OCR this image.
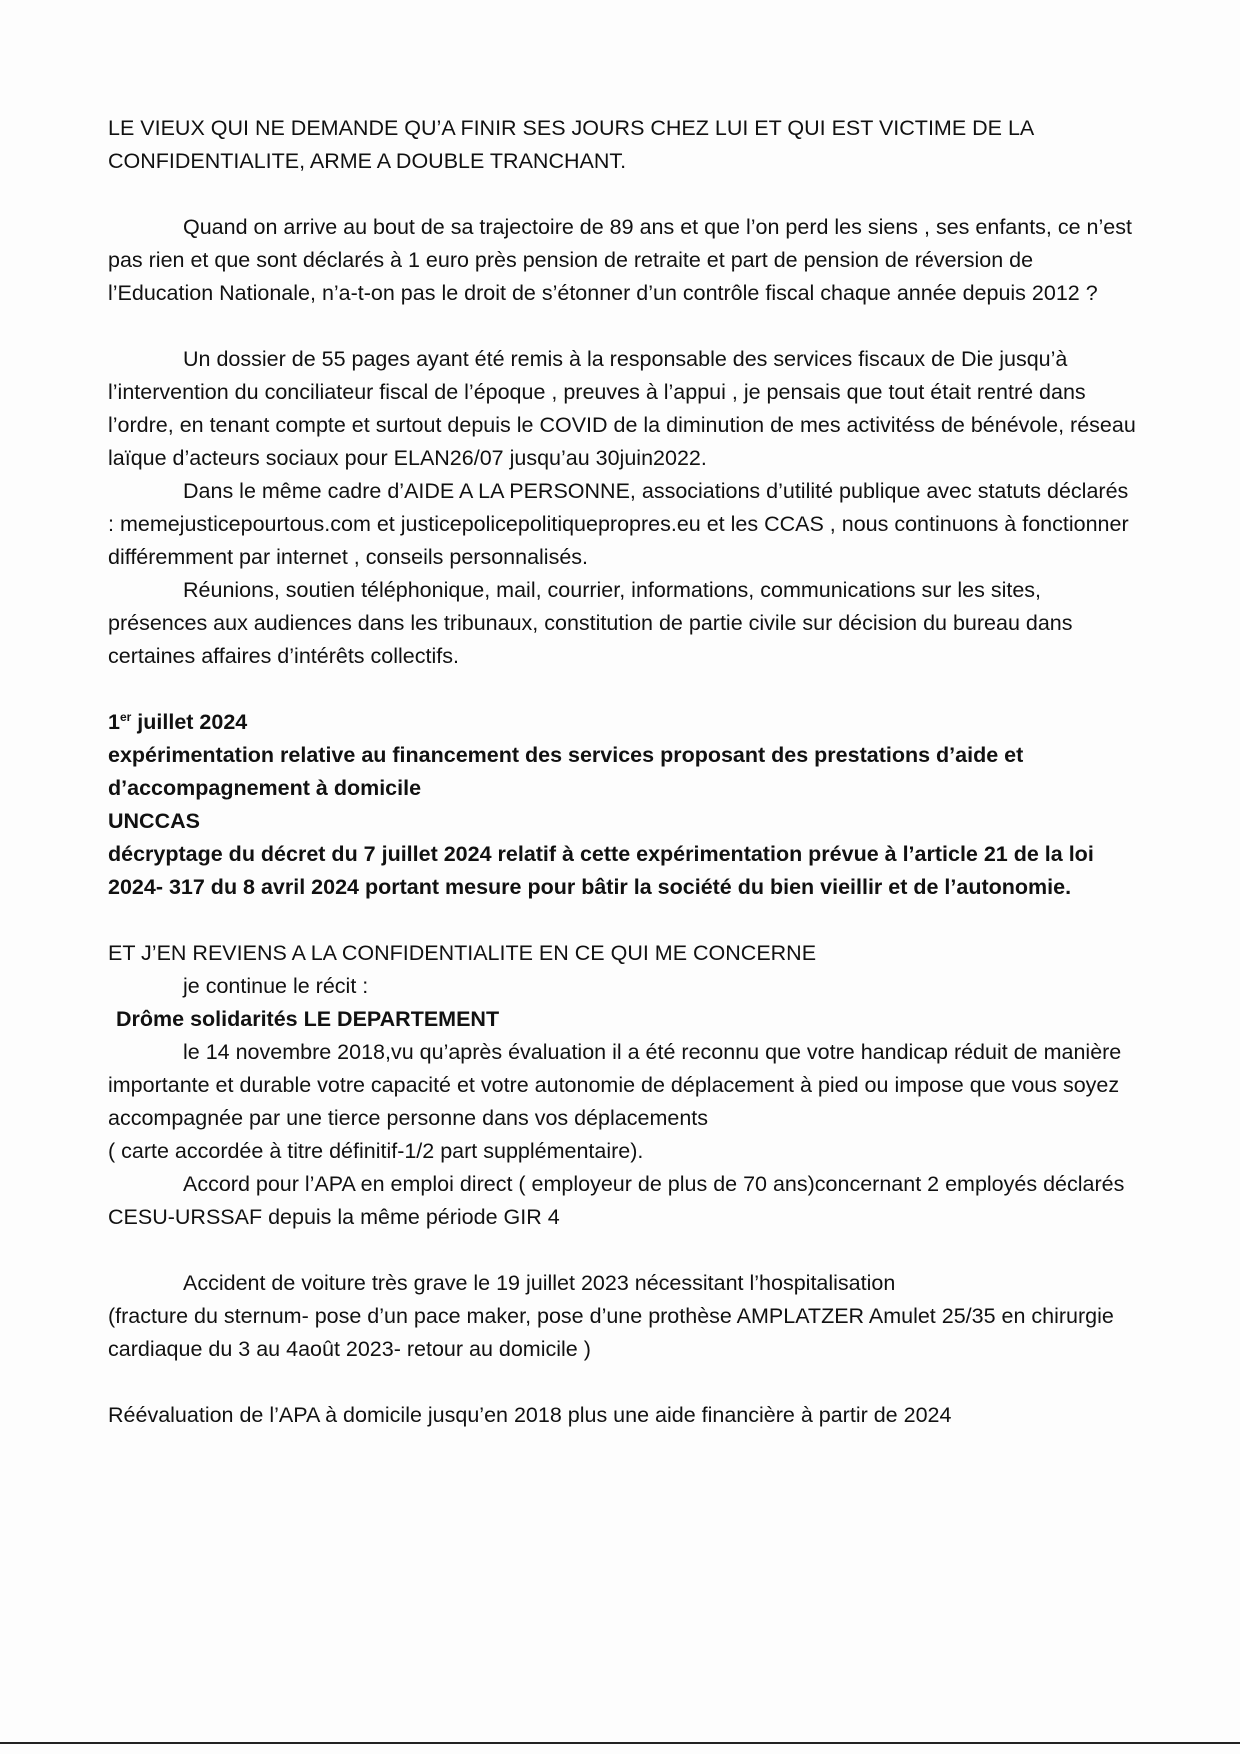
LE VIEUX QUI NE DEMANDE QU’A FINIR SES JOURS CHEZ LUI ET QUI EST VICTIME DE LA

CONFIDENTIALITE, ARME A DOUBLE TRANCHANT.

Quand on arrive au bout de sa trajectoire de 89 ans et que l’on perd les siens , ses enfants, ce n’est pas rien et que sont déclarés à 1 euro près pension de retraite et part de pension de réversion de l’Education Nationale, n’a-t-on pas le droit de s’étonner d’un contrôle fiscal chaque année depuis 2012 ?

Un dossier de 55 pages ayant été remis à la responsable des services fiscaux de Die jusqu’à l’intervention du conciliateur fiscal de l’époque , preuves à l’appui , je pensais que tout était rentré dans l’ordre, en tenant compte et surtout depuis le COVID de la diminution de mes activitéss de bénévole, réseau laïque d’acteurs sociaux pour ELAN26/07 jusqu’au 30juin2022.

Dans le même cadre d’AIDE A LA PERSONNE, associations d’utilité publique avec statuts déclarés : memejusticepourtous.com et justicepolicepolitiquepropres.eu et les CCAS , nous continuons à fonctionner différemment par internet , conseils personnalisés.

Réunions, soutien téléphonique, mail, courrier, informations, communications sur les sites, présences aux audiences dans les tribunaux, constitution de partie civile sur décision du bureau dans certaines affaires d’intérêts collectifs.

1er juillet 2024

expérimentation relative au financement des services proposant des prestations d’aide et d’accompagnement à domicile

UNCCAS

décryptage du décret du 7 juillet 2024 relatif à cette expérimentation prévue à l’article 21 de la loi 2024- 317 du 8 avril 2024 portant mesure pour bâtir la société du bien vieillir et de l’autonomie.

ET J’EN REVIENS A LA CONFIDENTIALITE EN CE QUI ME CONCERNE

je continue le récit :

Drôme solidarités LE DEPARTEMENT

le 14 novembre 2018,vu qu’après évaluation il a été reconnu que votre handicap réduit de manière importante et durable votre capacité et votre autonomie de déplacement à pied ou impose que vous soyez accompagnée par une tierce personne dans vos déplacements

( carte accordée à titre définitif-1/2 part supplémentaire).

Accord pour l’APA en emploi direct ( employeur de plus de 70 ans)concernant 2 employés déclarés CESU-URSSAF depuis la même période GIR 4

Accident de voiture très grave le 19 juillet 2023 nécessitant l’hospitalisation

(fracture du sternum- pose d’un pace maker, pose d’une prothèse AMPLATZER Amulet 25/35 en chirurgie cardiaque du 3 au 4août 2023- retour au domicile )

Réévaluation de l’APA à domicile jusqu’en 2018 plus une aide financière à partir de 2024
